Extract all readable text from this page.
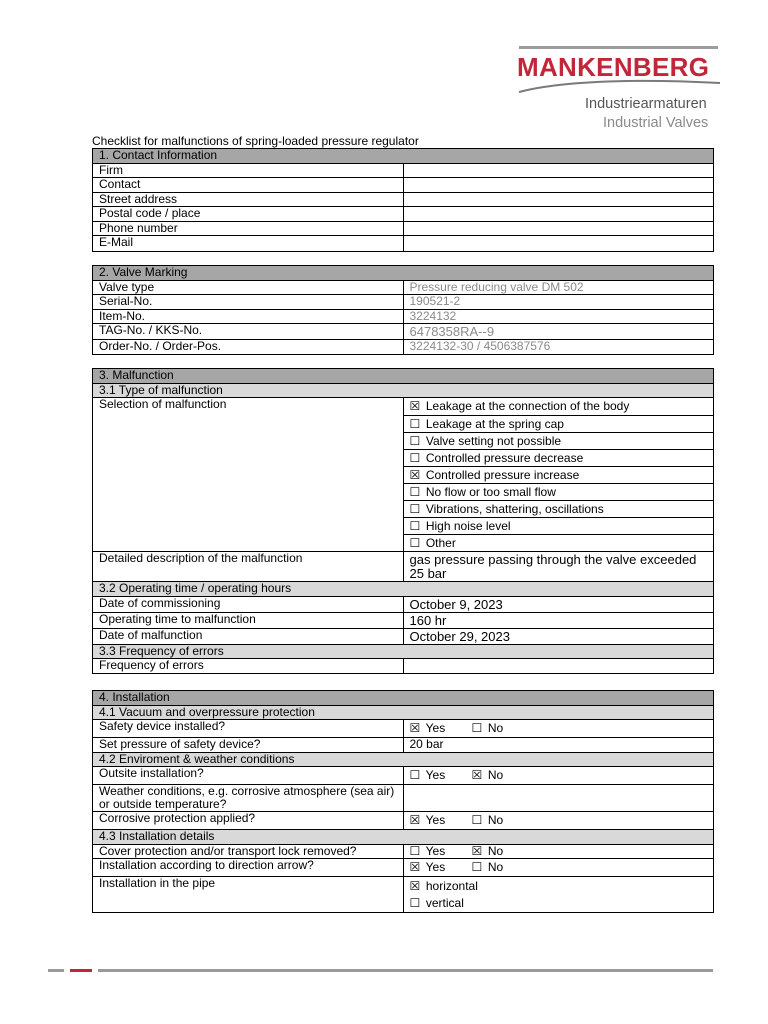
MANKENBERG
Industriearmaturen
Industrial Valves
Checklist for malfunctions of spring-loaded pressure regulator
1. Contact Information	
Firm	
Contact	
Street address	
Postal code / place	
Phone number	
E-Mail	
2. Valve Marking	
Valve type	Pressure reducing valve DM 502
Serial-No.	190521-2
Item-No.	3224132
TAG-No. / KKS-No.	6478358RA--9
Order-No. / Order-Pos.	3224132-30 / 4506387576
3. Malfunction	
3.1 Type of malfunction	
Selection of malfunction	☒ Leakage at the connection of the body
	☐ Leakage at the spring cap
	☐ Valve setting not possible
	☐ Controlled pressure decrease
	☒ Controlled pressure increase
	☐ No flow or too small flow
	☐ Vibrations, shattering, oscillations
	☐ High noise level
	☐ Other
Detailed description of the malfunction	gas pressure passing through the valve exceeded 25 bar
3.2 Operating time / operating hours	
Date of commissioning	October 9, 2023
Operating time to malfunction	160 hr
Date of malfunction	October 29, 2023
3.3 Frequency of errors	
Frequency of errors	
4. Installation	
4.1 Vacuum and overpressure protection	
Safety device installed?	☒ Yes ☐ No
Set pressure of safety device?	20 bar
4.2 Enviroment & weather conditions	
Outsite installation?	☐ Yes ☒ No
Weather conditions, e.g. corrosive atmosphere (sea air) or outside temperature?	
Corrosive protection applied?	☒ Yes ☐ No
4.3 Installation details	
Cover protection and/or transport lock removed?	☐ Yes ☒ No
Installation according to direction arrow?	☒ Yes ☐ No
Installation in the pipe	☒ horizontal
☐ vertical
